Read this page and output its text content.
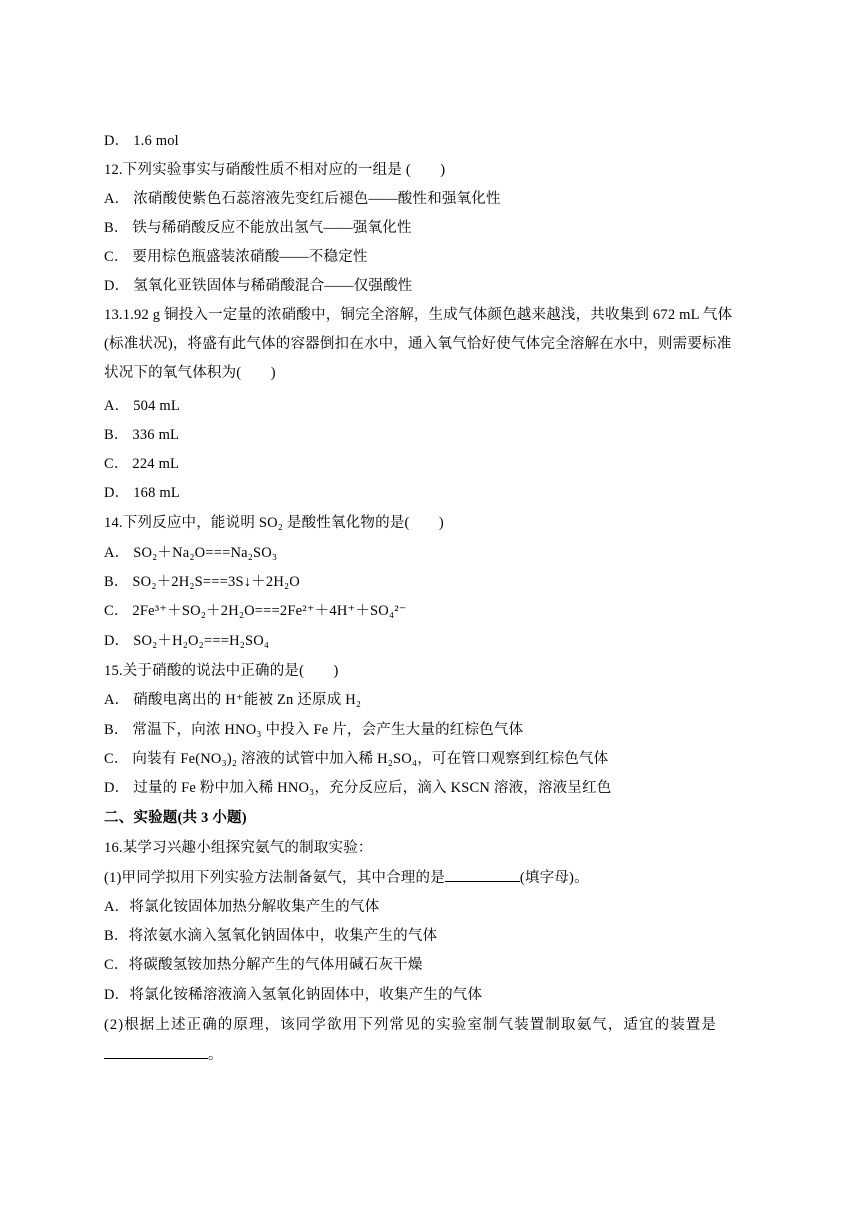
D． 1.6 mol
12.下列实验事实与硝酸性质不相对应的一组是 (　　)
A． 浓硝酸使紫色石蕊溶液先变红后褪色——酸性和强氧化性
B． 铁与稀硝酸反应不能放出氢气——强氧化性
C． 要用棕色瓶盛装浓硝酸——不稳定性
D． 氢氧化亚铁固体与稀硝酸混合——仅强酸性
13.1.92 g 铜投入一定量的浓硝酸中，铜完全溶解，生成气体颜色越来越浅，共收集到 672 mL 气体
(标准状况)，将盛有此气体的容器倒扣在水中，通入氧气恰好使气体完全溶解在水中，则需要标准
状况下的氧气体积为(　　)
A． 504 mL
B． 336 mL
C． 224 mL
D． 168 mL
14.下列反应中，能说明 SO₂ 是酸性氧化物的是(　　)
A． SO₂＋Na₂O===Na₂SO₃
B． SO₂＋2H₂S===3S↓＋2H₂O
C． 2Fe³⁺＋SO₂＋2H₂O===2Fe²⁺＋4H⁺＋SO₄²⁻
D． SO₂＋H₂O₂===H₂SO₄
15.关于硝酸的说法中正确的是(　　)
A． 硝酸电离出的 H⁺能被 Zn 还原成 H₂
B． 常温下，向浓 HNO₃ 中投入 Fe 片，会产生大量的红棕色气体
C． 向装有 Fe(NO₃)₂ 溶液的试管中加入稀 H₂SO₄，可在管口观察到红棕色气体
D． 过量的 Fe 粉中加入稀 HNO₃，充分反应后，滴入 KSCN 溶液，溶液呈红色
二、实验题(共 3 小题)
16.某学习兴趣小组探究氨气的制取实验：
(1)甲同学拟用下列实验方法制备氨气，其中合理的是	(填字母)。
A．将氯化铵固体加热分解收集产生的气体
B．将浓氨水滴入氢氧化钠固体中，收集产生的气体
C．将碳酸氢铵加热分解产生的气体用碱石灰干燥
D．将氯化铵稀溶液滴入氢氧化钠固体中，收集产生的气体
(2)根据上述正确的原理，该同学欲用下列常见的实验室制气装置制取氨气，适宜的装置是
。
